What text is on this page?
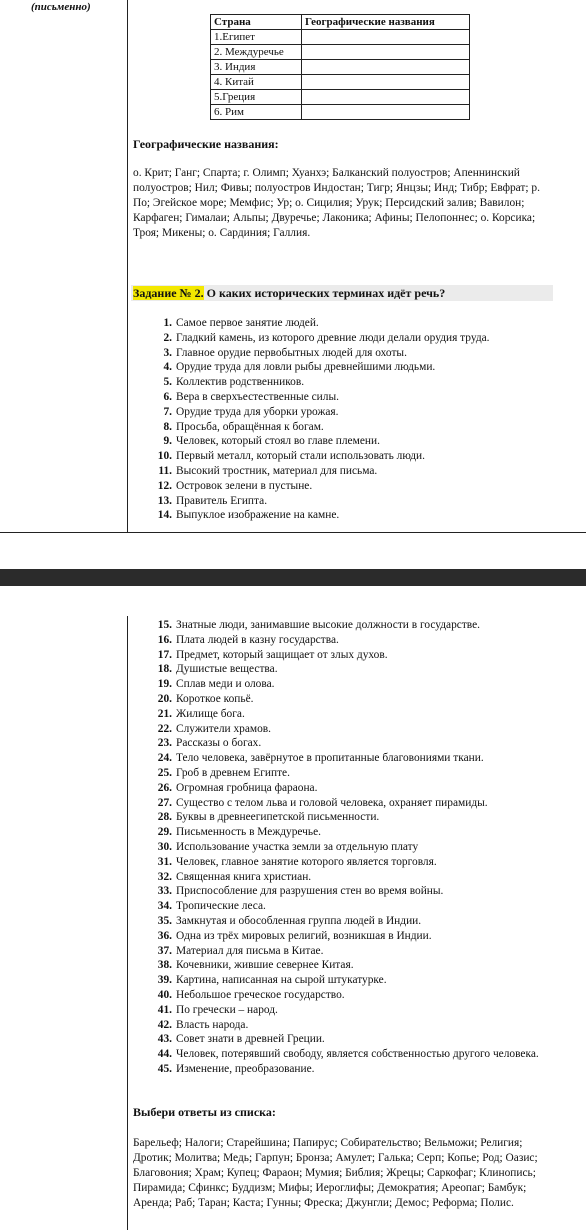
(письменно)
Страна	Географические названия
1.Египет	
2. Междуречье	
3. Индия	
4. Китай	
5.Греция	
6. Рим	
Географические названия:
о. Крит; Ганг; Спарта; г. Олимп; Хуанхэ; Балканский полуостров; Апеннинский полуостров; Нил; Фивы; полуостров Индостан; Тигр; Янцзы; Инд; Тибр; Евфрат; р. По; Эгейское море; Мемфис; Ур; о. Сицилия; Урук; Персидский залив; Вавилон; Карфаген; Гималаи; Альпы; Двуречье; Лаконика; Афины; Пелопоннес; о. Корсика; Троя; Микены; о. Сардиния; Галлия.
Задание № 2. О каких исторических терминах идёт речь?
1. Самое первое занятие людей.
2. Гладкий камень, из которого древние люди делали орудия труда.
3. Главное орудие первобытных людей для охоты.
4. Орудие труда для ловли рыбы древнейшими людьми.
5. Коллектив родственников.
6. Вера в сверхъестественные силы.
7. Орудие труда для уборки урожая.
8. Просьба, обращённая к богам.
9. Человек, который стоял во главе племени.
10. Первый металл, который стали использовать люди.
11. Высокий тростник, материал для письма.
12. Островок зелени в пустыне.
13. Правитель Египта.
14. Выпуклое изображение на камне.
15. Знатные люди, занимавшие высокие должности в государстве.
16. Плата людей в казну государства.
17. Предмет, который защищает от злых духов.
18. Душистые вещества.
19. Сплав меди и олова.
20. Короткое копьё.
21. Жилище бога.
22. Служители храмов.
23. Рассказы о богах.
24. Тело человека, завёрнутое в пропитанные благовониями ткани.
25. Гроб в древнем Египте.
26. Огромная гробница фараона.
27. Существо с телом льва и головой человека, охраняет пирамиды.
28. Буквы в древнеегипетской письменности.
29. Письменность в Междуречье.
30. Использование участка земли за отдельную плату
31. Человек, главное занятие которого является торговля.
32. Священная книга христиан.
33. Приспособление для разрушения стен во время войны.
34. Тропические леса.
35. Замкнутая и обособленная группа людей в Индии.
36. Одна из трёх мировых религий, возникшая в Индии.
37. Материал для письма в Китае.
38. Кочевники, жившие севернее Китая.
39. Картина, написанная на сырой штукатурке.
40. Небольшое греческое государство.
41. По гречески – народ.
42. Власть народа.
43. Совет знати в древней Греции.
44. Человек, потерявший свободу, является собственностью другого человека.
45. Изменение, преобразование.
Выбери ответы из списка:
Барельеф; Налоги; Старейшина; Папирус; Собирательство; Вельможи; Религия; Дротик; Молитва; Медь; Гарпун; Бронза; Амулет; Галька; Серп; Копье; Род; Оазис; Благовония; Храм; Купец; Фараон; Мумия; Библия; Жрецы; Саркофаг; Клинопись; Пирамида; Сфинкс; Буддизм; Мифы; Иероглифы; Демократия; Ареопаг; Бамбук; Аренда; Раб; Таран; Каста; Гунны; Фреска; Джунгли; Демос; Реформа; Полис.
